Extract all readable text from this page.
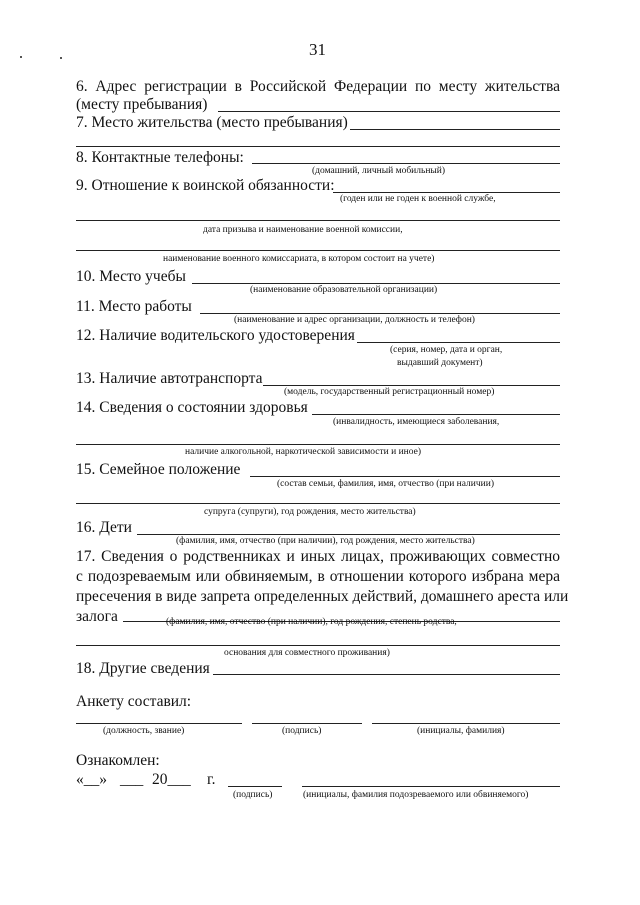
31
6. Адрес регистрации в Российской Федерации по месту жительства
(месту пребывания)
7. Место жительства (место пребывания)
8. Контактные телефоны:
(домашний, личный мобильный)
9. Отношение к воинской обязанности:
(годен или не годен к военной службе,
дата призыва и наименование военной комиссии,
наименование военного комиссариата, в котором состоит на учете)
10. Место учебы
(наименование образовательной организации)
11. Место работы
(наименование и адрес организации, должность и телефон)
12. Наличие водительского удостоверения
(серия, номер, дата и орган,
выдавший документ)
13. Наличие автотранспорта
(модель, государственный регистрационный номер)
14. Сведения о состоянии здоровья
(инвалидность, имеющиеся заболевания,
наличие алкогольной, наркотической зависимости и иное)
15. Семейное положение
(состав семьи, фамилия, имя, отчество (при наличии)
супруга (супруги), год рождения, место жительства)
16. Дети
(фамилия, имя, отчество (при наличии), год рождения, место жительства)
17. Сведения о родственниках и иных лицах, проживающих совместно
с подозреваемым или обвиняемым, в отношении которого избрана мера
пресечения в виде запрета определенных действий, домашнего ареста или
залога	(фамилия, имя, отчество (при наличии), год рождения, степень родства,
основания для совместного проживания)
18. Другие сведения
Анкету составил:
(должность, звание)	(подпись)	(инициалы, фамилия)
Ознакомлен:
«__» ___ 20___ г.
(подпись)	(инициалы, фамилия подозреваемого или обвиняемого)
